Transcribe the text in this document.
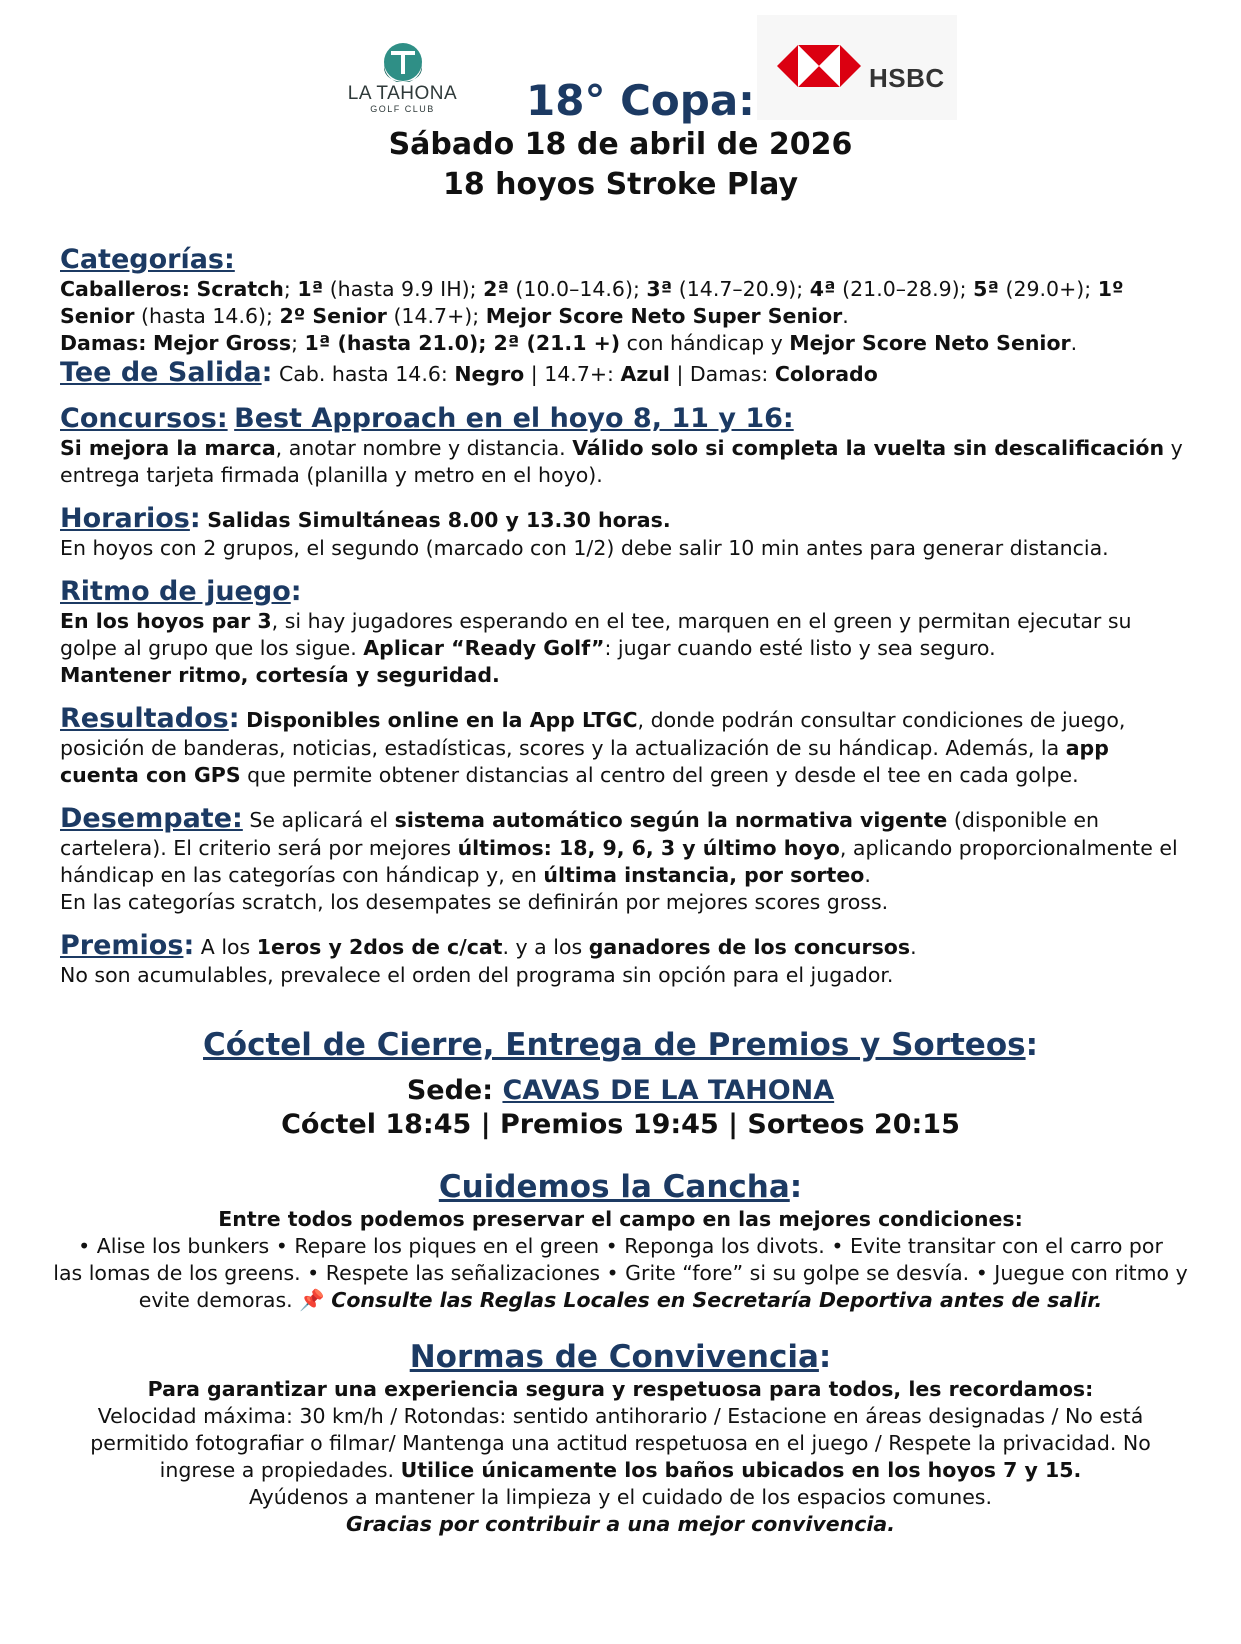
LA TAHONA
GOLF CLUB
HSBC
18° Copa:
Sábado 18 de abril de 2026
18 hoyos Stroke Play
Categorías:
Caballeros: Scratch; 1ª (hasta 9.9 IH); 2ª (10.0–14.6); 3ª (14.7–20.9); 4ª (21.0–28.9); 5ª (29.0+); 1º Senior (hasta 14.6); 2º Senior (14.7+); Mejor Score Neto Super Senior.
Damas: Mejor Gross; 1ª (hasta 21.0); 2ª (21.1 +) con hándicap y Mejor Score Neto Senior.
Tee de Salida: Cab. hasta 14.6: Negro | 14.7+: Azul | Damas: Colorado
Concursos: Best Approach en el hoyo 8, 11 y 16:
Si mejora la marca, anotar nombre y distancia. Válido solo si completa la vuelta sin descalificación y entrega tarjeta firmada (planilla y metro en el hoyo).
Horarios: Salidas Simultáneas 8.00 y 13.30 horas.
En hoyos con 2 grupos, el segundo (marcado con 1/2) debe salir 10 min antes para generar distancia.
Ritmo de juego:
En los hoyos par 3, si hay jugadores esperando en el tee, marquen en el green y permitan ejecutar su golpe al grupo que los sigue. Aplicar “Ready Golf”: jugar cuando esté listo y sea seguro.
Mantener ritmo, cortesía y seguridad.
Resultados: Disponibles online en la App LTGC, donde podrán consultar condiciones de juego, posición de banderas, noticias, estadísticas, scores y la actualización de su hándicap. Además, la app cuenta con GPS que permite obtener distancias al centro del green y desde el tee en cada golpe.
Desempate: Se aplicará el sistema automático según la normativa vigente (disponible en cartelera). El criterio será por mejores últimos: 18, 9, 6, 3 y último hoyo, aplicando proporcionalmente el hándicap en las categorías con hándicap y, en última instancia, por sorteo.
En las categorías scratch, los desempates se definirán por mejores scores gross.
Premios: A los 1eros y 2dos de c/cat. y a los ganadores de los concursos.
No son acumulables, prevalece el orden del programa sin opción para el jugador.
Cóctel de Cierre, Entrega de Premios y Sorteos:
Sede: CAVAS DE LA TAHONA
Cóctel 18:45 | Premios 19:45 | Sorteos 20:15
Cuidemos la Cancha:
Entre todos podemos preservar el campo en las mejores condiciones:
• Alise los bunkers • Repare los piques en el green • Reponga los divots. • Evite transitar con el carro por
las lomas de los greens. • Respete las señalizaciones • Grite “fore” si su golpe se desvía. • Juegue con ritmo y
evite demoras. 📌 Consulte las Reglas Locales en Secretaría Deportiva antes de salir.
Normas de Convivencia:
Para garantizar una experiencia segura y respetuosa para todos, les recordamos:
Velocidad máxima: 30 km/h / Rotondas: sentido antihorario / Estacione en áreas designadas / No está
permitido fotografiar o filmar/ Mantenga una actitud respetuosa en el juego / Respete la privacidad. No
ingrese a propiedades. Utilice únicamente los baños ubicados en los hoyos 7 y 15.
Ayúdenos a mantener la limpieza y el cuidado de los espacios comunes.
Gracias por contribuir a una mejor convivencia.
